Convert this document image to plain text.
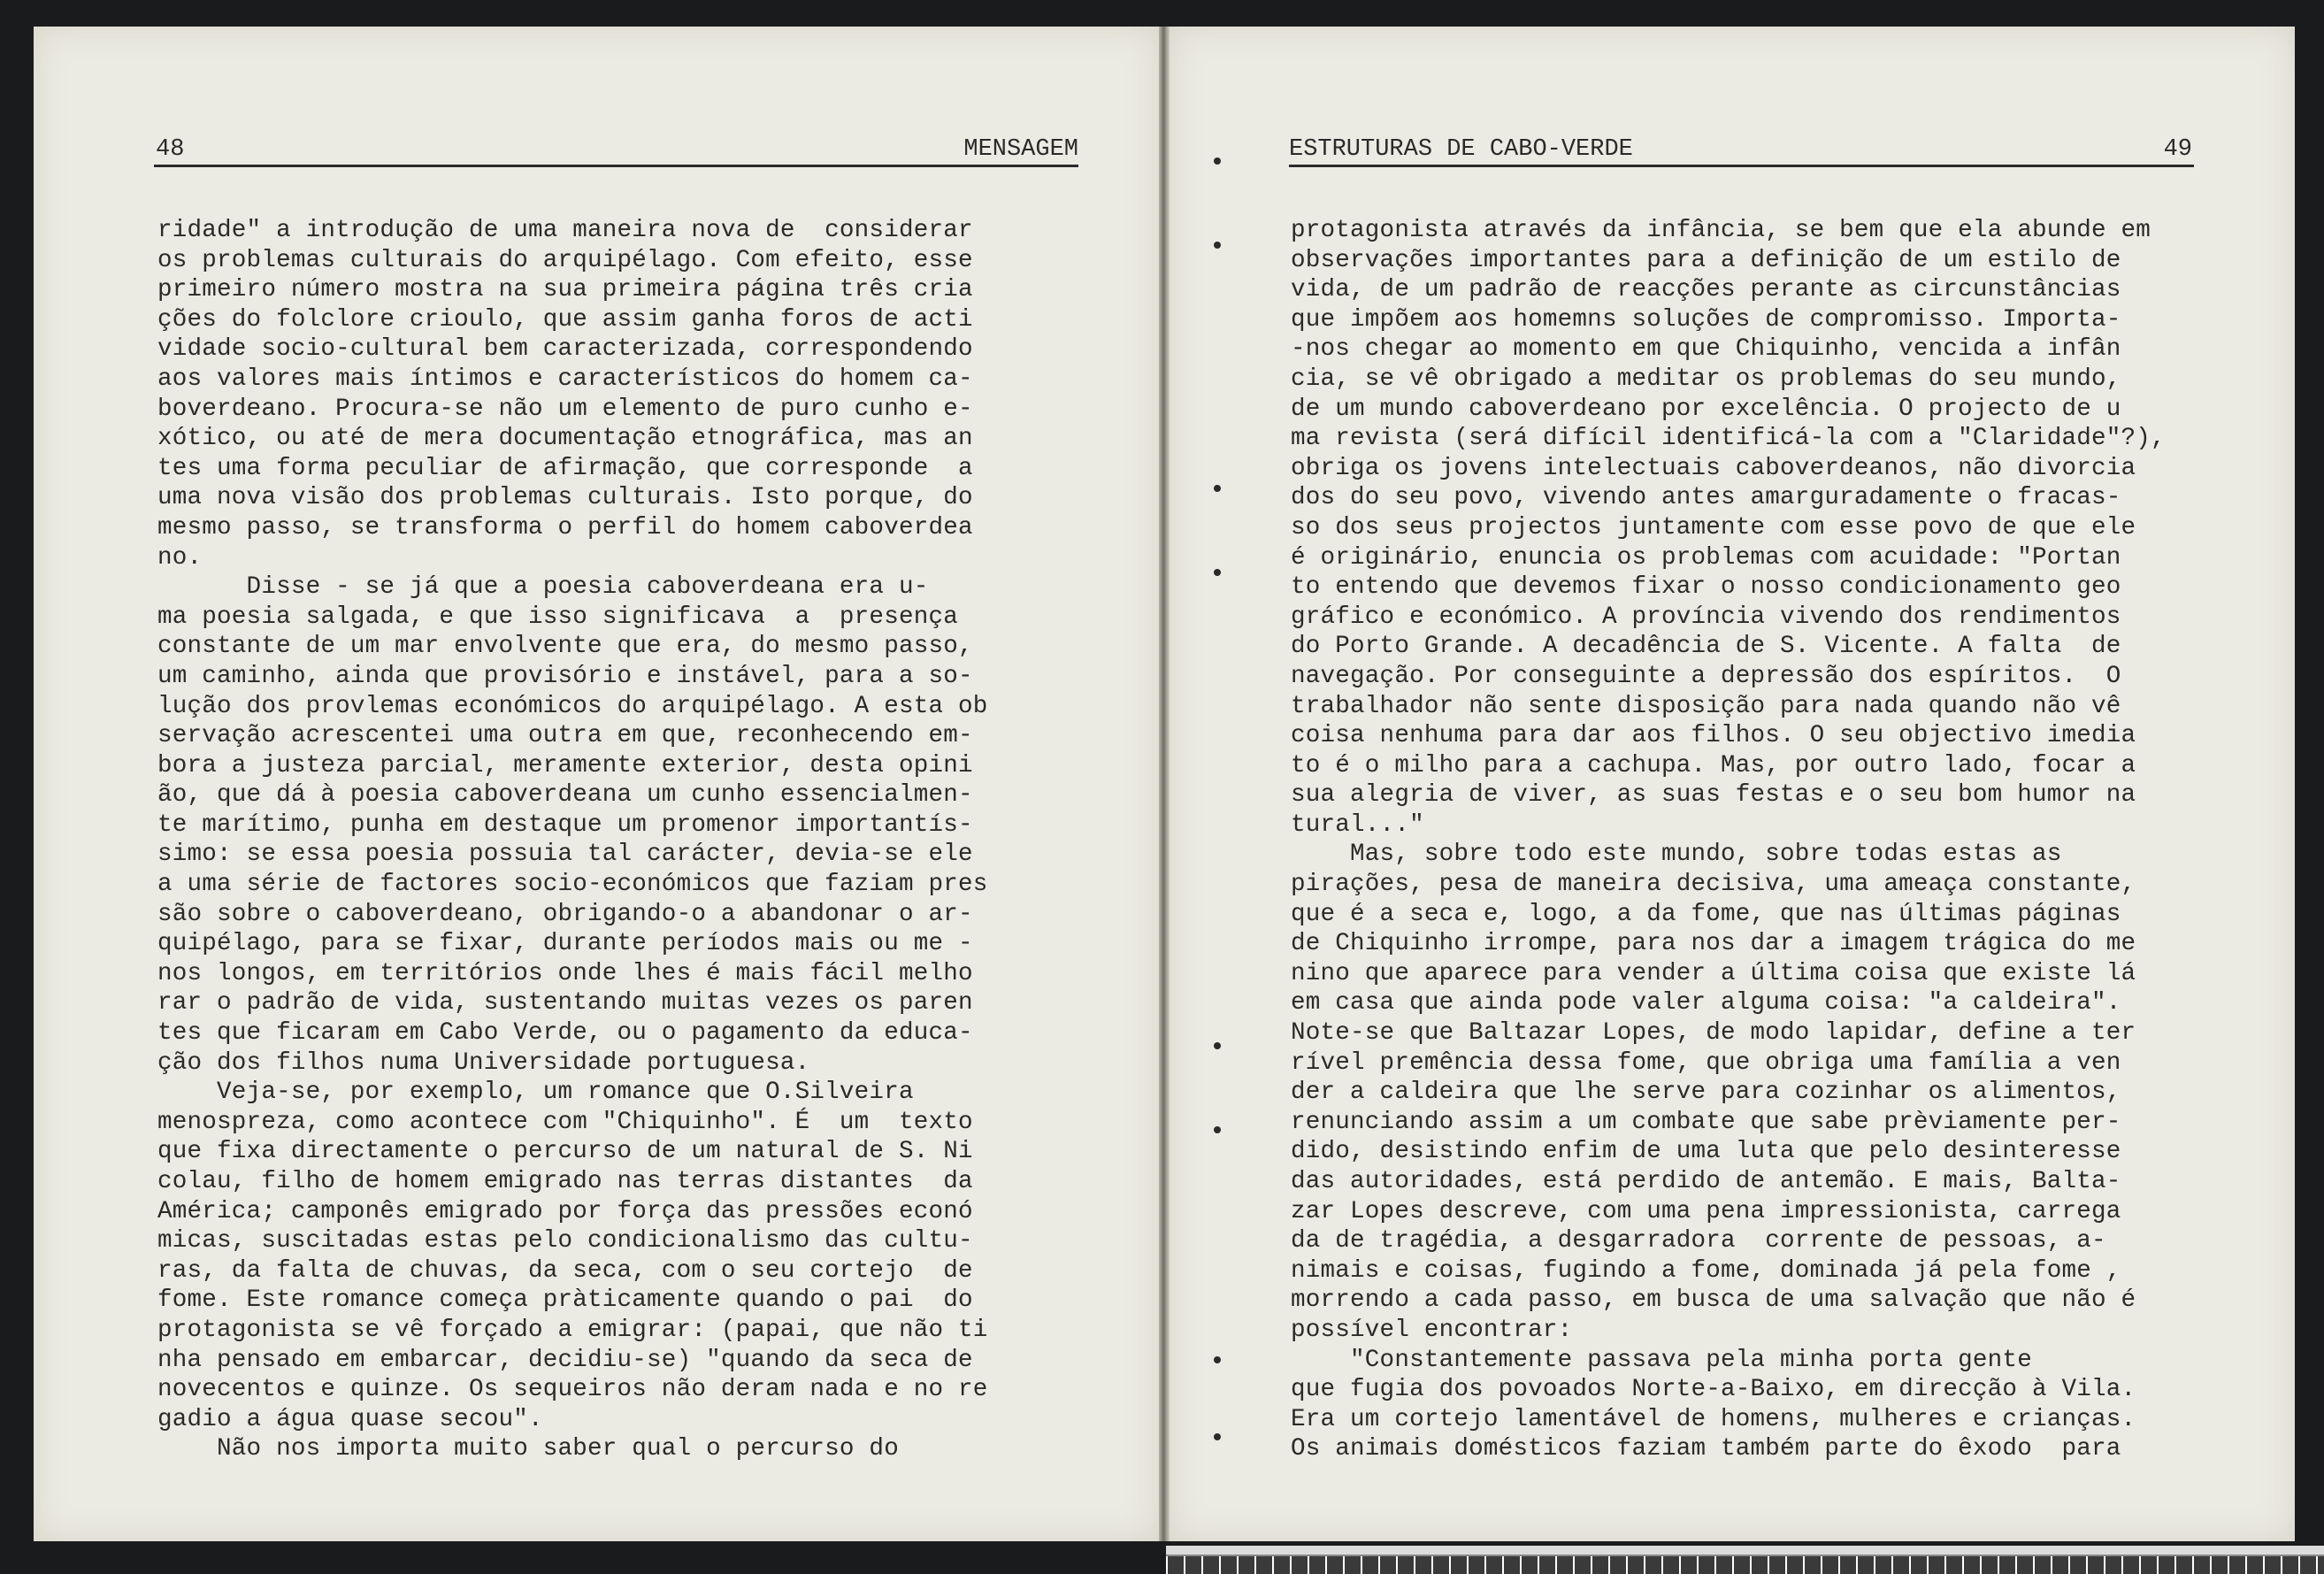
48	MENSAGEM
ridade" a introdução de uma maneira nova de  considerar
os problemas culturais do arquipélago. Com efeito, esse
primeiro número mostra na sua primeira página três cria
ções do folclore crioulo, que assim ganha foros de acti
vidade socio-cultural bem caracterizada, correspondendo
aos valores mais íntimos e característicos do homem ca-
boverdeano. Procura-se não um elemento de puro cunho e-
xótico, ou até de mera documentação etnográfica, mas an
tes uma forma peculiar de afirmação, que corresponde  a
uma nova visão dos problemas culturais. Isto porque, do
mesmo passo, se transforma o perfil do homem caboverdea
no.
Disse - se já que a poesia caboverdeana era u-
ma poesia salgada, e que isso significava  a  presença
constante de um mar envolvente que era, do mesmo passo,
um caminho, ainda que provisório e instável, para a so-
lução dos provlemas económicos do arquipélago. A esta ob
servação acrescentei uma outra em que, reconhecendo em-
bora a justeza parcial, meramente exterior, desta opini
ão, que dá à poesia caboverdeana um cunho essencialmen-
te marítimo, punha em destaque um promenor importantís-
simo: se essa poesia possuia tal carácter, devia-se ele
a uma série de factores socio-económicos que faziam pres
são sobre o caboverdeano, obrigando-o a abandonar o ar-
quipélago, para se fixar, durante períodos mais ou me -
nos longos, em territórios onde lhes é mais fácil melho
rar o padrão de vida, sustentando muitas vezes os paren
tes que ficaram em Cabo Verde, ou o pagamento da educa-
ção dos filhos numa Universidade portuguesa.
Veja-se, por exemplo, um romance que O.Silveira
menospreza, como acontece com "Chiquinho". É  um  texto
que fixa directamente o percurso de um natural de S. Ni
colau, filho de homem emigrado nas terras distantes  da
América; camponês emigrado por força das pressões econó
micas, suscitadas estas pelo condicionalismo das cultu-
ras, da falta de chuvas, da seca, com o seu cortejo  de
fome. Este romance começa pràticamente quando o pai  do
protagonista se vê forçado a emigrar: (papai, que não ti
nha pensado em embarcar, decidiu-se) "quando da seca de
novecentos e quinze. Os sequeiros não deram nada e no re
gadio a água quase secou".
Não nos importa muito saber qual o percurso do
ESTRUTURAS DE CABO-VERDE	49
protagonista através da infância, se bem que ela abunde em
observações importantes para a definição de um estilo de
vida, de um padrão de reacções perante as circunstâncias
que impõem aos homemns soluções de compromisso. Importa-
-nos chegar ao momento em que Chiquinho, vencida a infân
cia, se vê obrigado a meditar os problemas do seu mundo,
de um mundo caboverdeano por excelência. O projecto de u
ma revista (será difícil identificá-la com a "Claridade"?),
obriga os jovens intelectuais caboverdeanos, não divorcia
dos do seu povo, vivendo antes amarguradamente o fracas-
so dos seus projectos juntamente com esse povo de que ele
é originário, enuncia os problemas com acuidade: "Portan
to entendo que devemos fixar o nosso condicionamento geo
gráfico e económico. A província vivendo dos rendimentos
do Porto Grande. A decadência de S. Vicente. A falta  de
navegação. Por conseguinte a depressão dos espíritos.  O
trabalhador não sente disposição para nada quando não vê
coisa nenhuma para dar aos filhos. O seu objectivo imedia
to é o milho para a cachupa. Mas, por outro lado, focar a
sua alegria de viver, as suas festas e o seu bom humor na
tural..."
Mas, sobre todo este mundo, sobre todas estas as
pirações, pesa de maneira decisiva, uma ameaça constante,
que é a seca e, logo, a da fome, que nas últimas páginas
de Chiquinho irrompe, para nos dar a imagem trágica do me
nino que aparece para vender a última coisa que existe lá
em casa que ainda pode valer alguma coisa: "a caldeira".
Note-se que Baltazar Lopes, de modo lapidar, define a ter
rível premência dessa fome, que obriga uma família a ven
der a caldeira que lhe serve para cozinhar os alimentos,
renunciando assim a um combate que sabe prèviamente per-
dido, desistindo enfim de uma luta que pelo desinteresse
das autoridades, está perdido de antemão. E mais, Balta-
zar Lopes descreve, com uma pena impressionista, carrega
da de tragédia, a desgarradora  corrente de pessoas, a-
nimais e coisas, fugindo a fome, dominada já pela fome ,
morrendo a cada passo, em busca de uma salvação que não é
possível encontrar:
"Constantemente passava pela minha porta gente
que fugia dos povoados Norte-a-Baixo, em direcção à Vila.
Era um cortejo lamentável de homens, mulheres e crianças.
Os animais domésticos faziam também parte do êxodo  para
